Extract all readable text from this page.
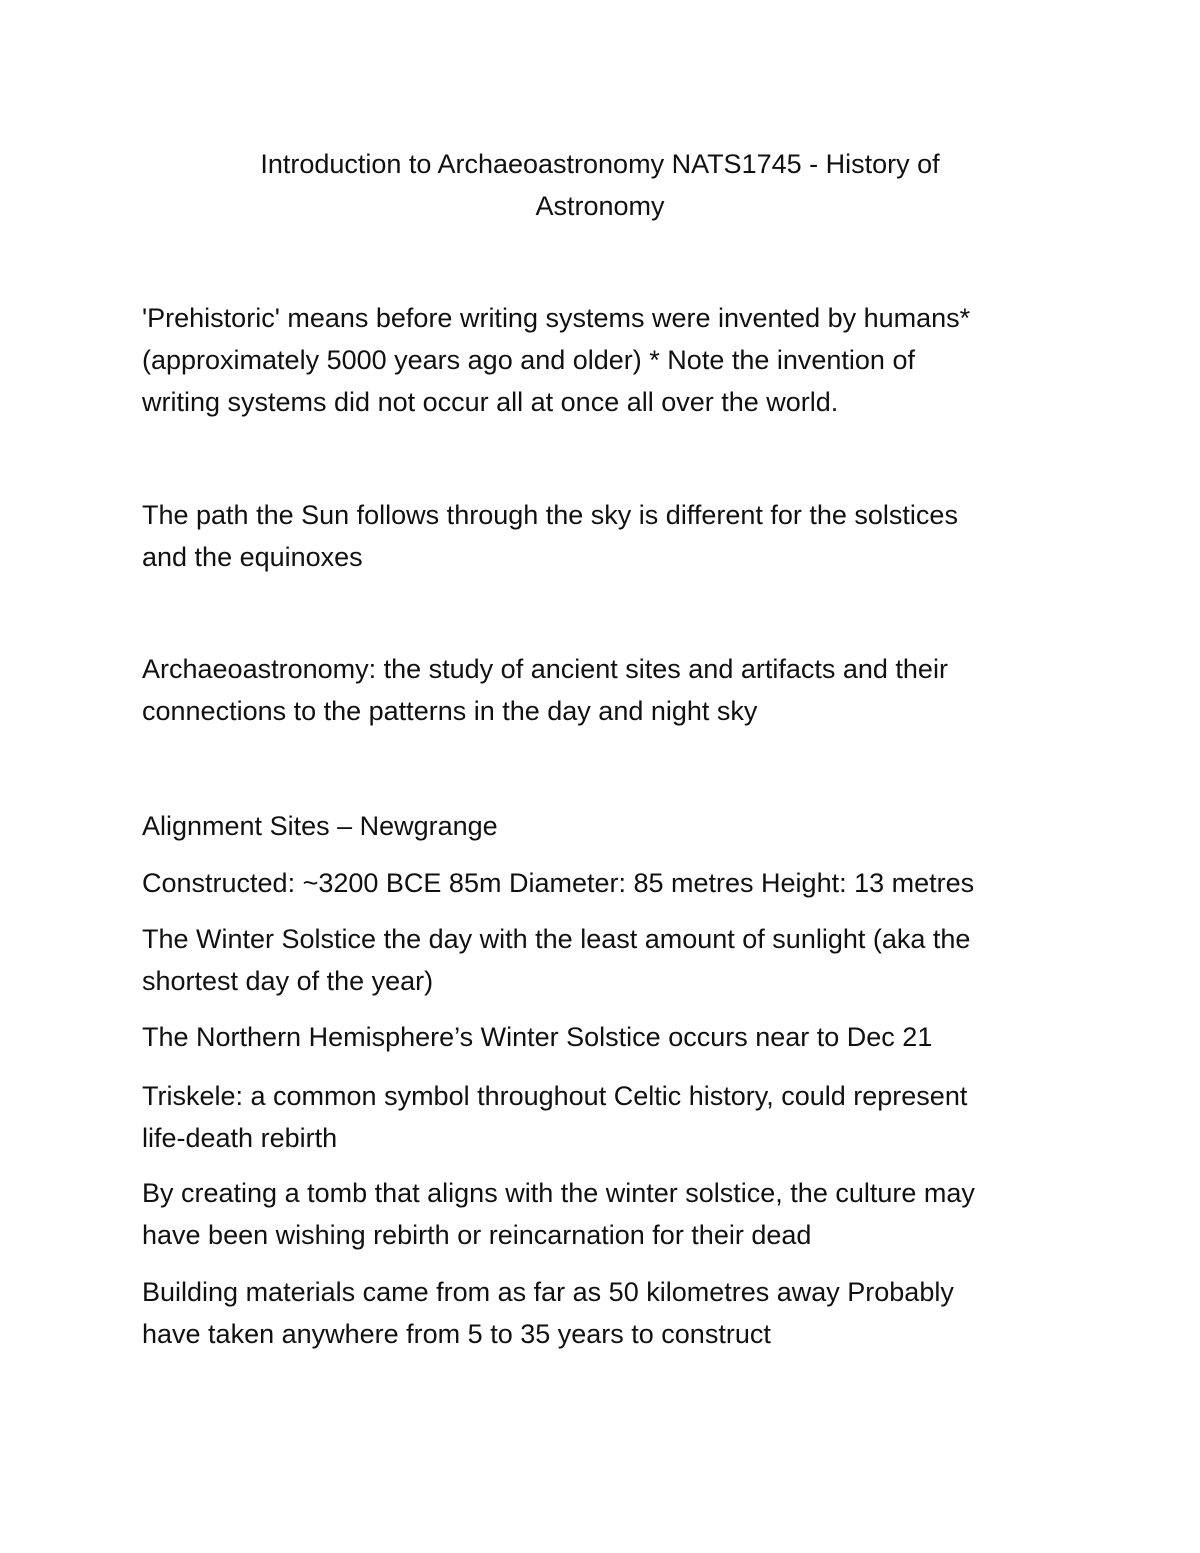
Introduction to Archaeoastronomy NATS1745 - History of
Astronomy

'Prehistoric' means before writing systems were invented by humans*
(approximately 5000 years ago and older) * Note the invention of
writing systems did not occur all at once all over the world.

The path the Sun follows through the sky is different for the solstices
and the equinoxes

Archaeoastronomy: the study of ancient sites and artifacts and their
connections to the patterns in the day and night sky

Alignment Sites – Newgrange

Constructed: ~3200 BCE 85m Diameter: 85 metres Height: 13 metres

The Winter Solstice the day with the least amount of sunlight (aka the
shortest day of the year)

The Northern Hemisphere’s Winter Solstice occurs near to Dec 21

Triskele: a common symbol throughout Celtic history, could represent
life-death rebirth

By creating a tomb that aligns with the winter solstice, the culture may
have been wishing rebirth or reincarnation for their dead

Building materials came from as far as 50 kilometres away Probably
have taken anywhere from 5 to 35 years to construct
